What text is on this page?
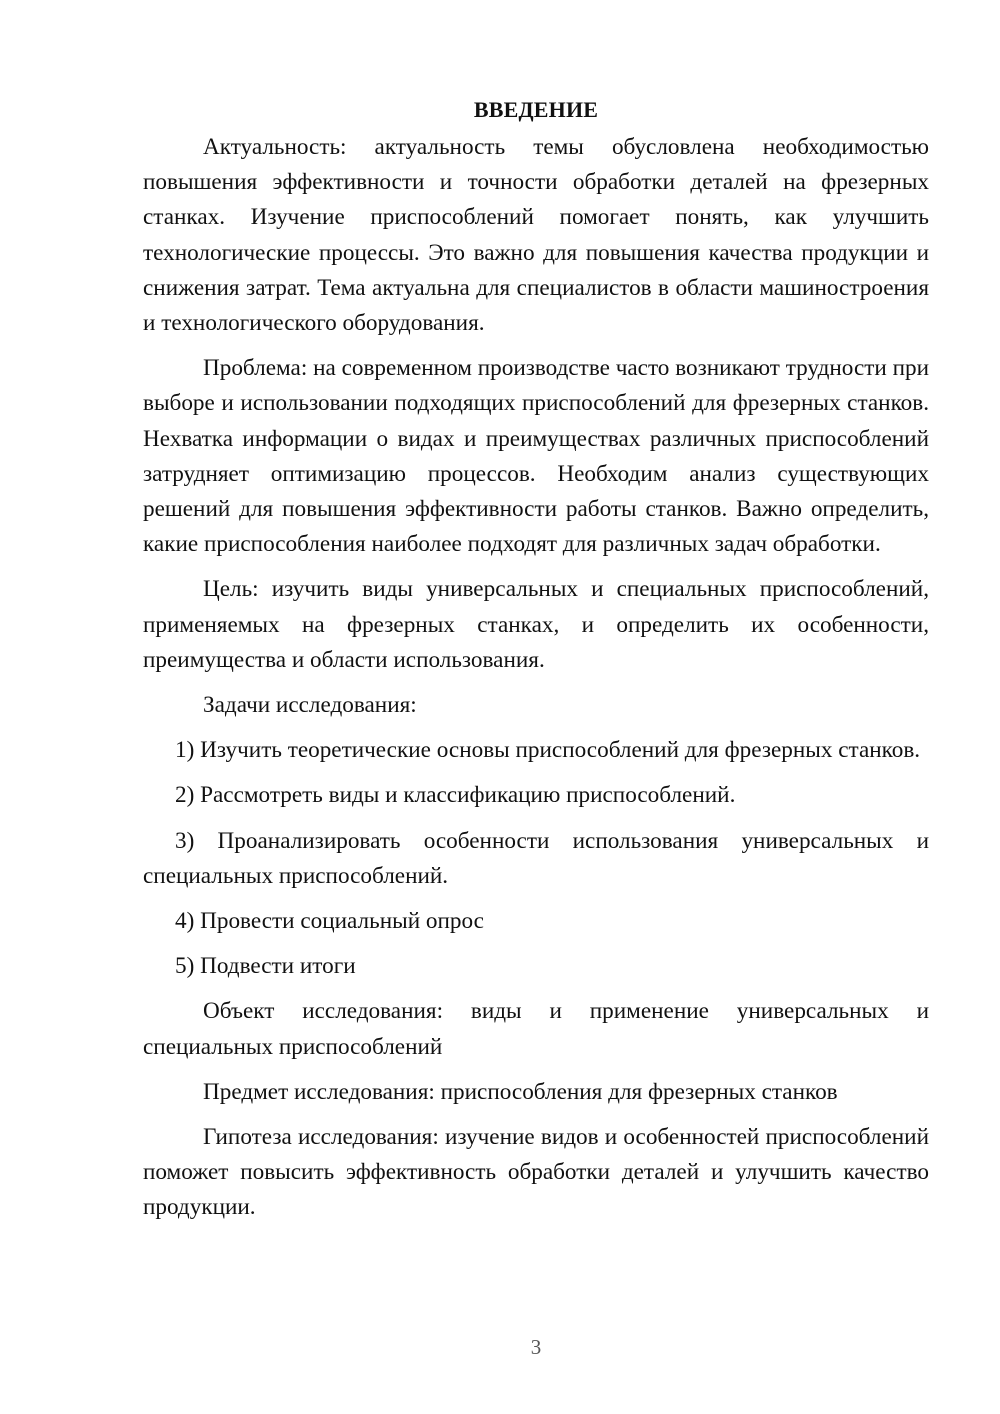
ВВЕДЕНИЕ

Актуальность: актуальность темы обусловлена необходимостью повышения эффективности и точности обработки деталей на фрезерных станках. Изучение приспособлений помогает понять, как улучшить технологические процессы. Это важно для повышения качества продукции и снижения затрат. Тема актуальна для специалистов в области машиностроения и технологического оборудования.

Проблема: на современном производстве часто возникают трудности при выборе и использовании подходящих приспособлений для фрезерных станков. Нехватка информации о видах и преимуществах различных приспособлений затрудняет оптимизацию процессов. Необходим анализ существующих решений для повышения эффективности работы станков. Важно определить, какие приспособления наиболее подходят для различных задач обработки.

Цель: изучить виды универсальных и специальных приспособлений, применяемых на фрезерных станках, и определить их особенности, преимущества и области использования.

Задачи исследования:

1) Изучить теоретические основы приспособлений для фрезерных станков.

2) Рассмотреть виды и классификацию приспособлений.

3) Проанализировать особенности использования универсальных и специальных приспособлений.

4) Провести социальный опрос

5) Подвести итоги

Объект исследования: виды и применение универсальных и специальных приспособлений

Предмет исследования: приспособления для фрезерных станков

Гипотеза исследования: изучение видов и особенностей приспособлений поможет повысить эффективность обработки деталей и улучшить качество продукции.

3
